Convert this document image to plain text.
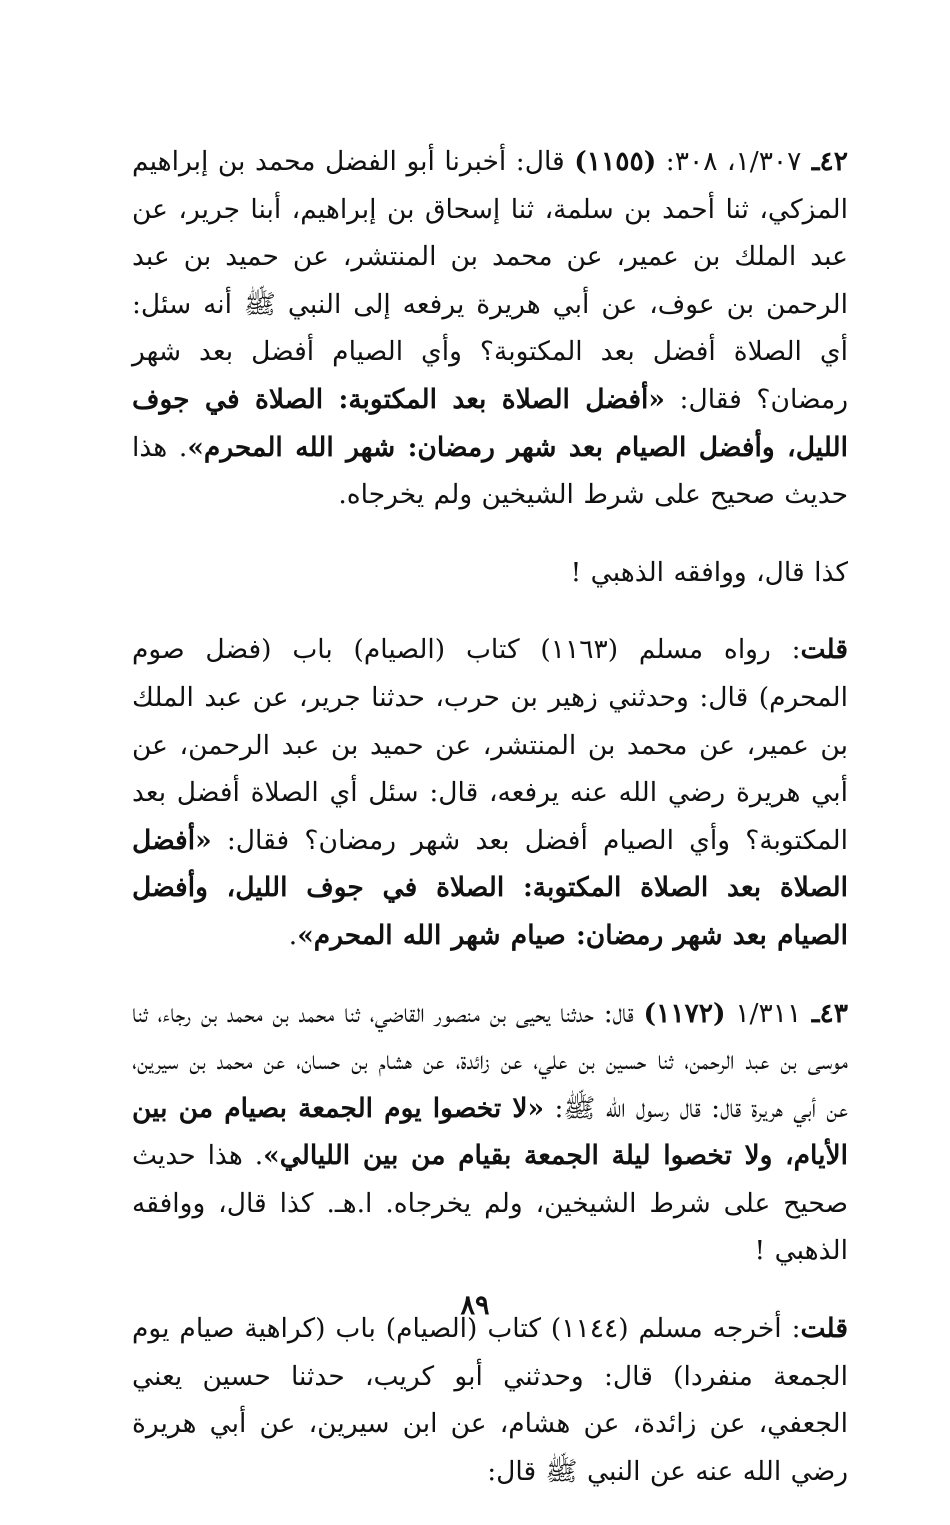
٤٢ـ ١/٣٠٧، ٣٠٨: (١١٥٥) قال: أخبرنا أبو الفضل محمد بن إبراهيم المزكي، ثنا أحمد بن سلمة، ثنا إسحاق بن إبراهيم، أبنا جرير، عن عبد الملك بن عمير، عن محمد بن المنتشر، عن حميد بن عبد الرحمن بن عوف، عن أبي هريرة يرفعه إلى النبي ﷺ أنه سئل: أي الصلاة أفضل بعد المكتوبة؟ وأي الصيام أفضل بعد شهر رمضان؟ فقال: «أفضل الصلاة بعد المكتوبة: الصلاة في جوف الليل، وأفضل الصيام بعد شهر رمضان: شهر الله المحرم». هذا حديث صحيح على شرط الشيخين ولم يخرجاه.

كذا قال، ووافقه الذهبي !

قلت: رواه مسلم (١١٦٣) كتاب (الصيام) باب (فضل صوم المحرم) قال: وحدثني زهير بن حرب، حدثنا جرير، عن عبد الملك بن عمير، عن محمد بن المنتشر، عن حميد بن عبد الرحمن، عن أبي هريرة رضي الله عنه يرفعه، قال: سئل أي الصلاة أفضل بعد المكتوبة؟ وأي الصيام أفضل بعد شهر رمضان؟ فقال: «أفضل الصلاة بعد الصلاة المكتوبة: الصلاة في جوف الليل، وأفضل الصيام بعد شهر رمضان: صيام شهر الله المحرم».

٤٣ـ ١/٣١١ (١١٧٢) قال: حدثنا يحيى بن منصور القاضي، ثنا محمد بن محمد بن رجاء، ثنا موسى بن عبد الرحمن، ثنا حسين بن علي، عن زائدة، عن هشام بن حسان، عن محمد بن سيرين، عن أبي هريرة قال: قال رسول الله ﷺ: «لا تخصوا يوم الجمعة بصيام من بين الأيام، ولا تخصوا ليلة الجمعة بقيام من بين الليالي». هذا حديث صحيح على شرط الشيخين، ولم يخرجاه. ا.هـ. كذا قال، ووافقه الذهبي !

قلت: أخرجه مسلم (١١٤٤) كتاب (الصيام) باب (كراهية صيام يوم الجمعة منفردا) قال: وحدثني أبو كريب، حدثنا حسين يعني الجعفي، عن زائدة، عن هشام، عن ابن سيرين، عن أبي هريرة رضي الله عنه عن النبي ﷺ قال:

٨٩
